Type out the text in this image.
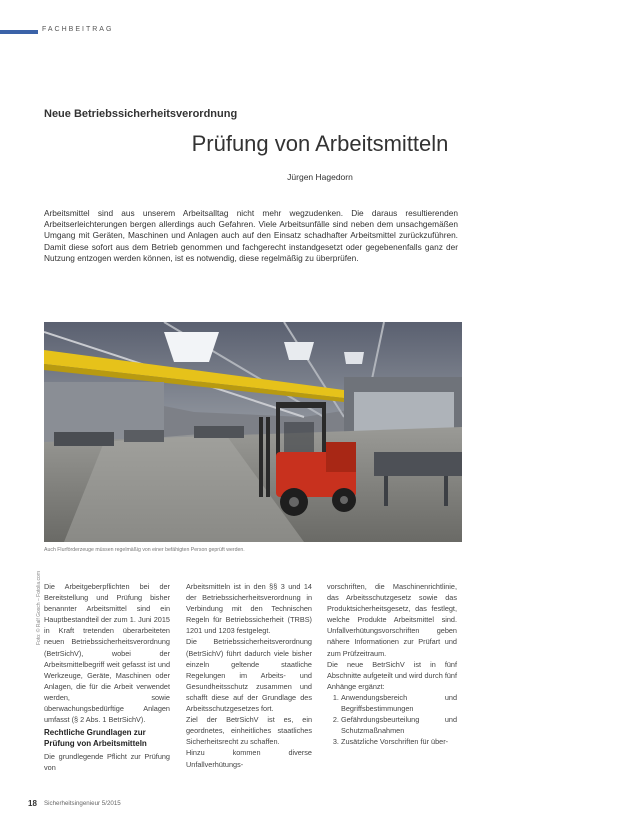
FACHBEITRAG
Neue Betriebssicherheitsverordnung
Prüfung von Arbeitsmitteln
Jürgen Hagedorn
Arbeitsmittel sind aus unserem Arbeitsalltag nicht mehr wegzudenken. Die daraus resultierenden Arbeitserleichterungen bergen allerdings auch Gefahren. Viele Arbeitsunfälle sind neben dem unsachgemäßen Umgang mit Geräten, Maschinen und Anlagen auch auf den Einsatz schadhafter Arbeitsmittel zurückzuführen. Damit diese sofort aus dem Betrieb genommen und fachgerecht instandgesetzt oder gegebenenfalls ganz der Nutzung entzogen werden können, ist es notwendig, diese regelmäßig zu überprüfen.
Foto: © Ralf Gosch – Fotolia.com
Auch Flurförderzeuge müssen regelmäßig von einer befähigten Person geprüft werden.

Die Arbeitgeberpflichten bei der Bereitstellung und Prüfung bisher benannter Arbeitsmittel sind ein Hauptbestandteil der zum 1. Juni 2015 in Kraft tretenden überarbeiteten neuen Betriebssicherheitsverordnung (BetrSichV), wobei der Arbeitsmittelbegriff weit gefasst ist und Werkzeuge, Geräte, Maschinen oder Anlagen, die für die Arbeit verwendet werden, sowie überwachungsbedürftige Anlagen umfasst (§ 2 Abs. 1 BetrSichV).

Rechtliche Grundlagen zur Prüfung von Arbeitsmitteln

Die grundlegende Pflicht zur Prüfung von

Arbeitsmitteln ist in den §§ 3 und 14 der Betriebssicherheitsverordnung in Verbindung mit den Technischen Regeln für Betriebssicherheit (TRBS) 1201 und 1203 festgelegt.

Die Betriebssicherheitsverordnung (BetrSichV) führt dadurch viele bisher einzeln geltende staatliche Regelungen im Arbeits- und Gesundheitsschutz zusammen und schafft diese auf der Grundlage des Arbeitsschutzgesetzes fort.

Ziel der BetrSichV ist es, ein geordnetes, einheitliches staatliches Sicherheitsrecht zu schaffen.

Hinzu kommen diverse Unfallverhütungs-

vorschriften, die Maschinenrichtlinie, das Arbeitsschutzgesetz sowie das Produktsicherheitsgesetz, das festlegt, welche Produkte Arbeitsmittel sind. Unfallverhütungsvorschriften geben nähere Informationen zur Prüfart und zum Prüfzeitraum.

Die neue BetrSichV ist in fünf Abschnitte aufgeteilt und wird durch fünf Anhänge ergänzt:

1. Anwendungsbereich und Begriffsbestimmungen
2. Gefährdungsbeurteilung und Schutzmaßnahmen
3. Zusätzliche Vorschriften für über-
18 Sicherheitsingenieur 5/2015
